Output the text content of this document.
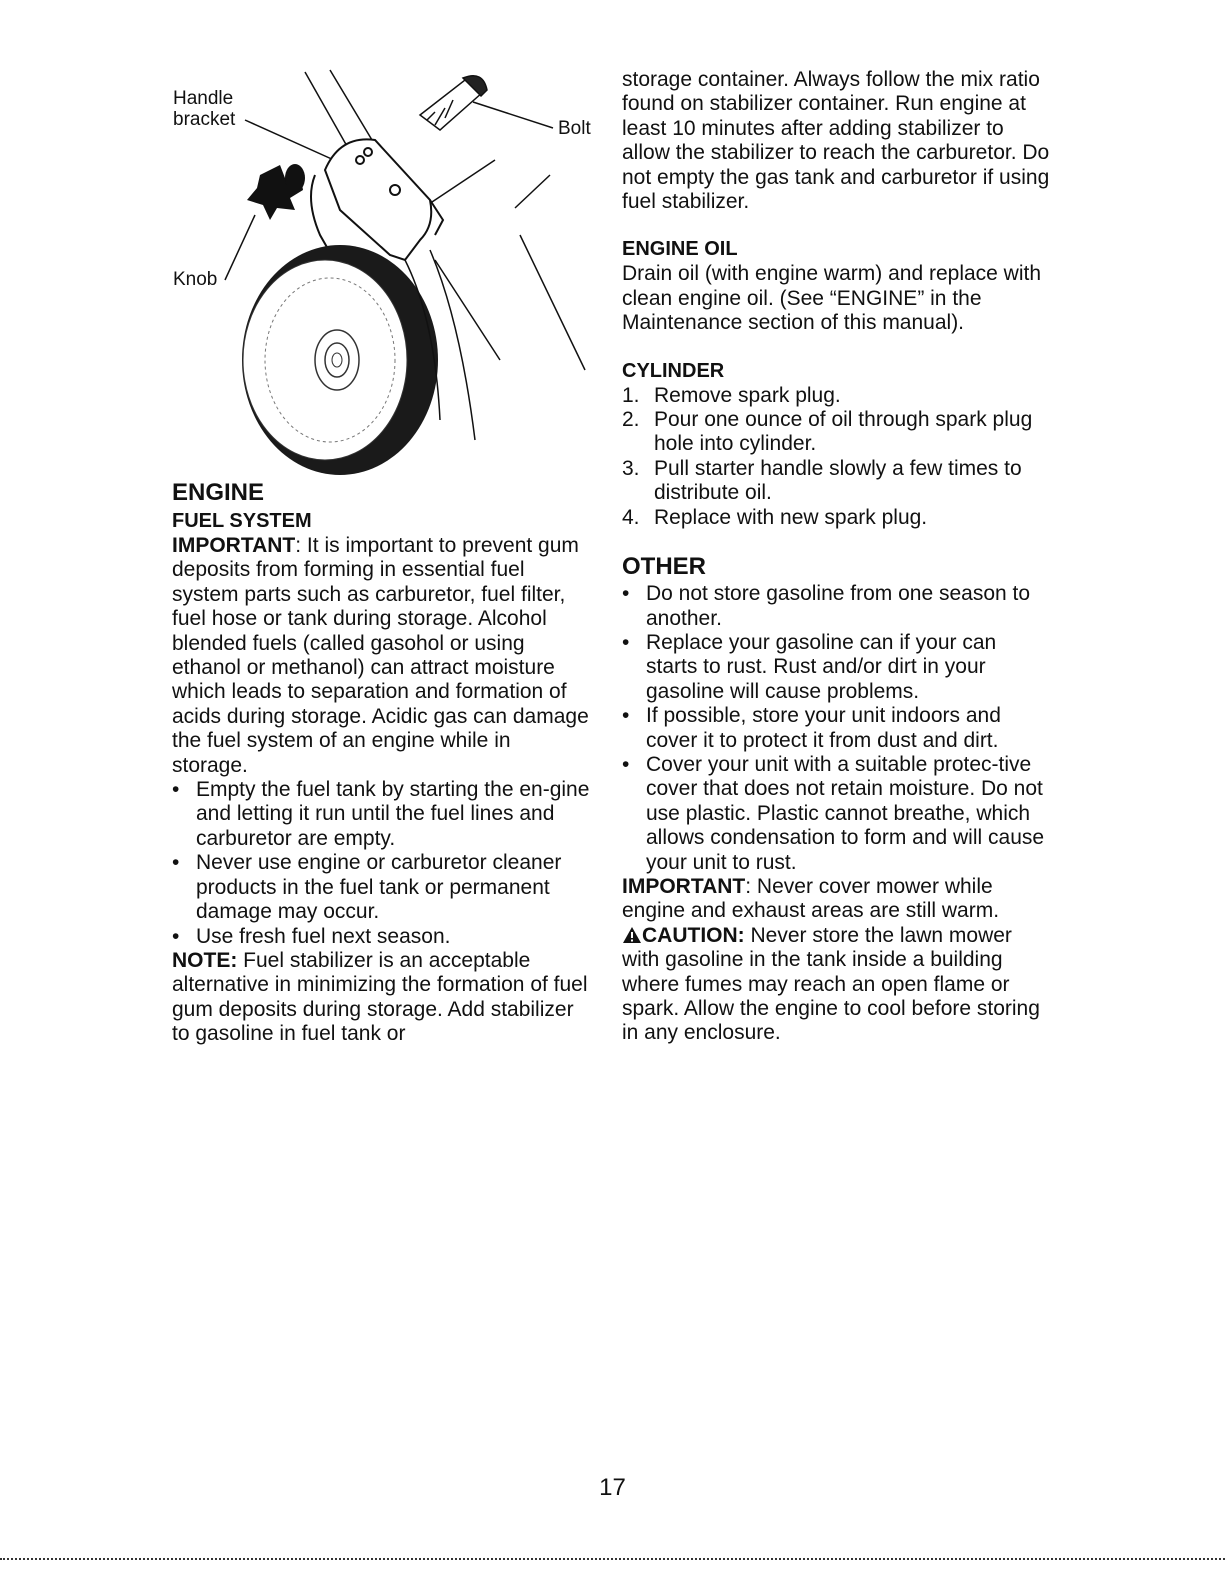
Handle
bracket	Bolt
Knob
ENGINE
FUEL SYSTEM

IMPORTANT: It is important to prevent gum deposits from forming in essential fuel system parts such as carburetor, fuel filter, fuel hose or tank during storage. Alcohol blended fuels (called gasohol or using ethanol or methanol) can attract moisture which leads to separation and formation of acids during storage. Acidic gas can damage the fuel system of an engine while in storage.

• Empty the fuel tank by starting the en-gine and letting it run until the fuel lines and carburetor are empty.
• Never use engine or carburetor cleaner products in the fuel tank or permanent damage may occur.
• Use fresh fuel next season.

NOTE: Fuel stabilizer is an acceptable alternative in minimizing the formation of fuel gum deposits during storage. Add stabilizer to gasoline in fuel tank or

storage container. Always follow the mix ratio found on stabilizer container. Run engine at least 10 minutes after adding stabilizer to allow the stabilizer to reach the carburetor. Do not empty the gas tank and carburetor if using fuel stabilizer.

ENGINE OIL

Drain oil (with engine warm) and replace with clean engine oil. (See “ENGINE” in the Maintenance section of this manual).

CYLINDER
1. Remove spark plug.
2. Pour one ounce of oil through spark plug hole into cylinder.
3. Pull starter handle slowly a few times to distribute oil.
4. Replace with new spark plug.
OTHER
• Do not store gasoline from one season to another.
• Replace your gasoline can if your can starts to rust. Rust and/or dirt in your gasoline will cause problems.
• If possible, store your unit indoors and cover it to protect it from dust and dirt.
• Cover your unit with a suitable protec-tive cover that does not retain moisture. Do not use plastic. Plastic cannot breathe, which allows condensation to form and will cause your unit to rust.

IMPORTANT: Never cover mower while engine and exhaust areas are still warm.

CAUTION: Never store the lawn mower with gasoline in the tank inside a building where fumes may reach an open flame or spark. Allow the engine to cool before storing in any enclosure.

17
